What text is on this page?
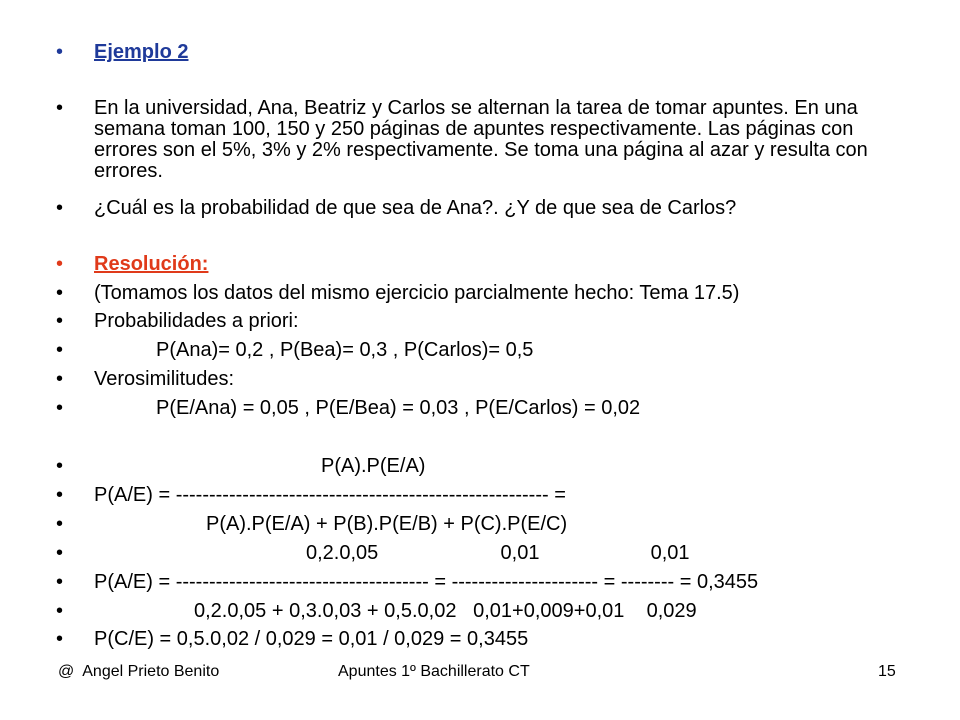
•

	Ejemplo 2

•

	En la universidad, Ana, Beatriz y Carlos se alternan la tarea de tomar apuntes. En una semana toman 100, 150 y 250 páginas de apuntes respectivamente. Las páginas con errores son el 5%, 3% y 2% respectivamente. Se toma una página al azar y resulta con errores.

•

	¿Cuál es la probabilidad de que sea de Ana?. ¿Y de que sea de Carlos?

•

	Resolución:

•

	(Tomamos los datos del mismo ejercicio parcialmente hecho: Tema 17.5)

•

	Probabilidades a priori:

•

	P(Ana)= 0,2 , P(Bea)= 0,3 , P(Carlos)= 0,5

•

	Verosimilitudes:

•

	P(E/Ana) = 0,05 , P(E/Bea) = 0,03 , P(E/Carlos) = 0,02

•

	P(A).P(E/A)

•

	P(A/E) = -------------------------------------------------------- =

•

	P(A).P(E/A) + P(B).P(E/B) + P(C).P(E/C)

•

	0,2.0,05                      0,01                    0,01

•

	P(A/E) = -------------------------------------- = ---------------------- = -------- = 0,3455

•

	0,2.0,05 + 0,3.0,03 + 0,5.0,02   0,01+0,009+0,01    0,029

•

	P(C/E) = 0,5.0,02 / 0,029 = 0,01 / 0,029 = 0,3455

@  Angel Prieto Benito	Apuntes 1º Bachillerato CT	15
